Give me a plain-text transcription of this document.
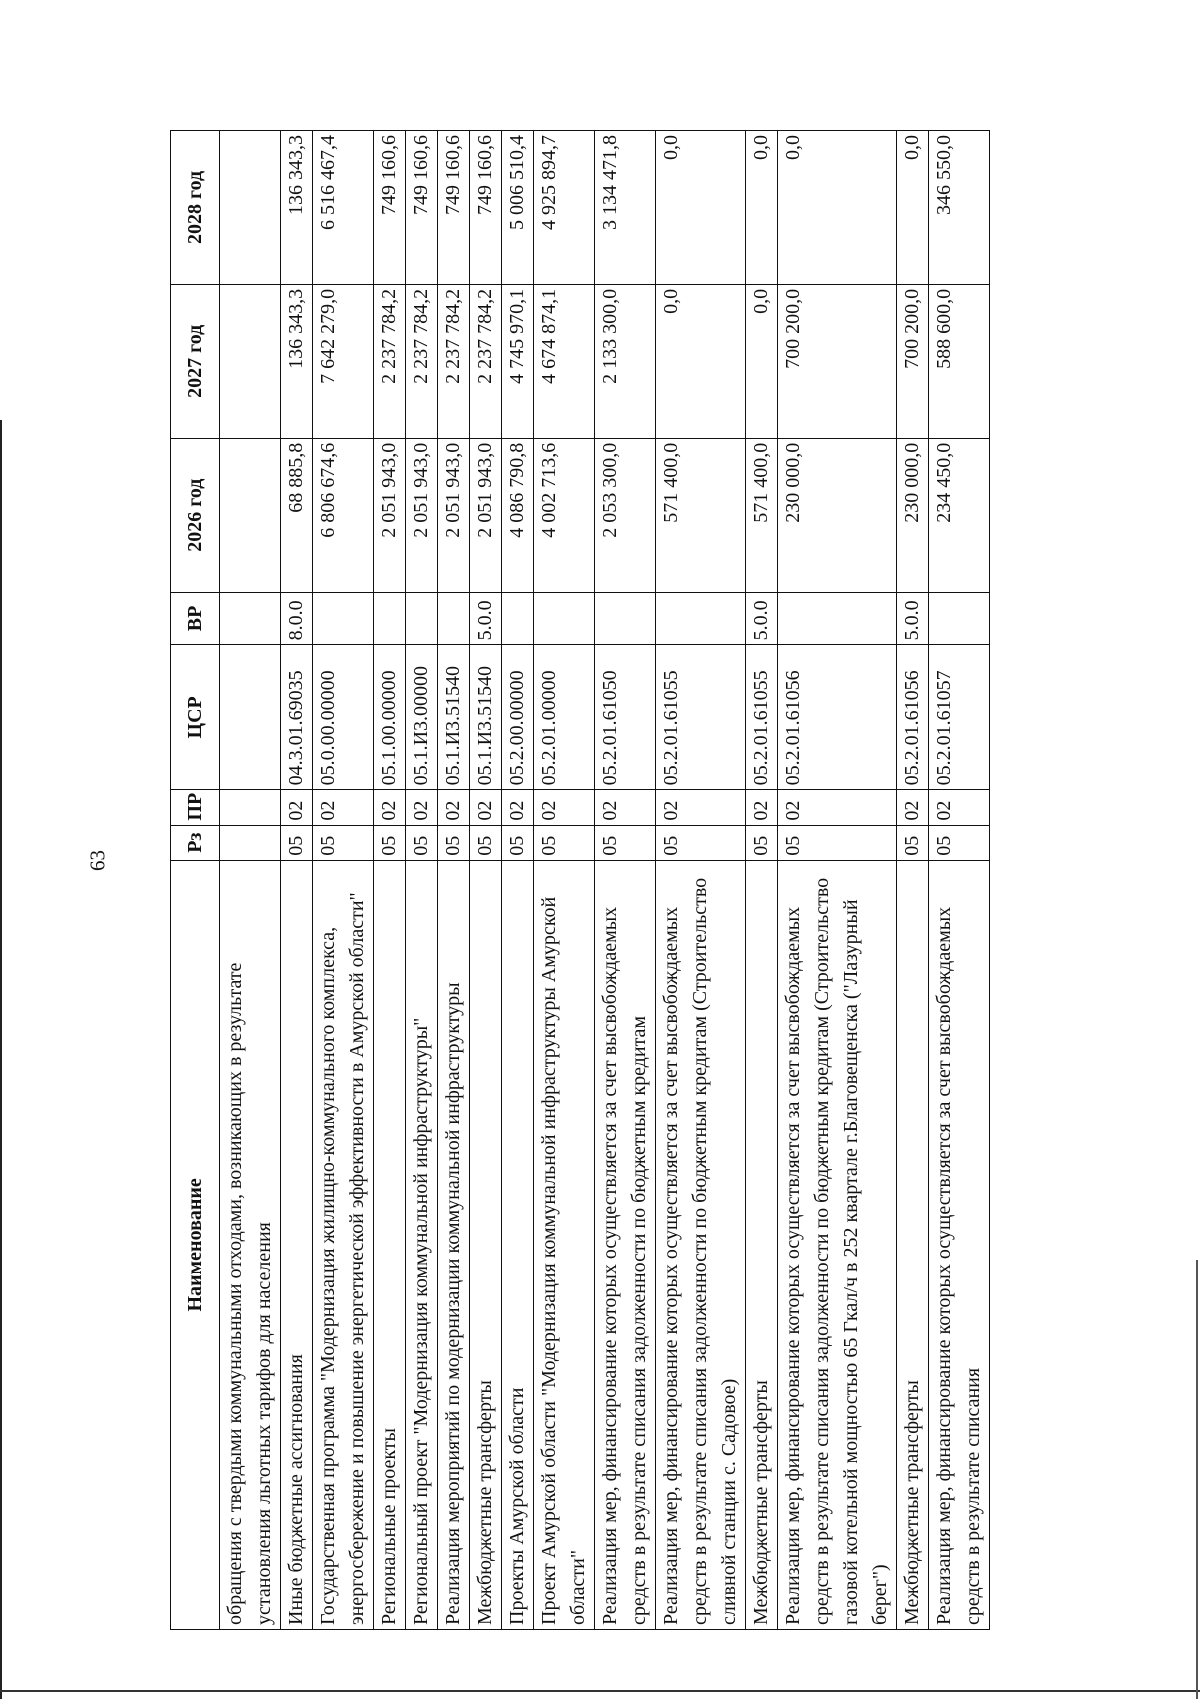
63
Наименование	Рз	ПР	ЦСР	ВР	2026 год	2027 год	2028 год
обращения с твердыми коммунальными отходами, возникающих в результате установления льготных тарифов для населения							
Иные бюджетные ассигнования	05	02	04.3.01.69035	8.0.0	68 885,8	136 343,3	136 343,3
Государственная программа "Модернизация жилищно-коммунального комплекса, энергосбережение и повышение энергетической эффективности в Амурской области"	05	02	05.0.00.00000		6 806 674,6	7 642 279,0	6 516 467,4
Региональные проекты	05	02	05.1.00.00000		2 051 943,0	2 237 784,2	749 160,6
Региональный проект "Модернизация коммунальной инфраструктуры"	05	02	05.1.И3.00000		2 051 943,0	2 237 784,2	749 160,6
Реализация мероприятий по модернизации коммунальной инфраструктуры	05	02	05.1.И3.51540		2 051 943,0	2 237 784,2	749 160,6
Межбюджетные трансферты	05	02	05.1.И3.51540	5.0.0	2 051 943,0	2 237 784,2	749 160,6
Проекты Амурской области	05	02	05.2.00.00000		4 086 790,8	4 745 970,1	5 006 510,4
Проект Амурской области "Модернизация коммунальной инфраструктуры Амурской области"	05	02	05.2.01.00000		4 002 713,6	4 674 874,1	4 925 894,7
Реализация мер, финансирование которых осуществляется за счет высвобождаемых средств в результате списания задолженности по бюджетным кредитам	05	02	05.2.01.61050		2 053 300,0	2 133 300,0	3 134 471,8
Реализация мер, финансирование которых осуществляется за счет высвобождаемых средств в результате списания задолженности по бюджетным кредитам (Строительство сливной станции с. Садовое)	05	02	05.2.01.61055		571 400,0	0,0	0,0
Межбюджетные трансферты	05	02	05.2.01.61055	5.0.0	571 400,0	0,0	0,0
Реализация мер, финансирование которых осуществляется за счет высвобождаемых средств в результате списания задолженности по бюджетным кредитам (Строительство газовой котельной мощностью 65 Гкал/ч в 252 квартале г.Благовещенска ("Лазурный берег")	05	02	05.2.01.61056		230 000,0	700 200,0	0,0
Межбюджетные трансферты	05	02	05.2.01.61056	5.0.0	230 000,0	700 200,0	0,0
Реализация мер, финансирование которых осуществляется за счет высвобождаемых средств в результате списания	05	02	05.2.01.61057		234 450,0	588 600,0	346 550,0
